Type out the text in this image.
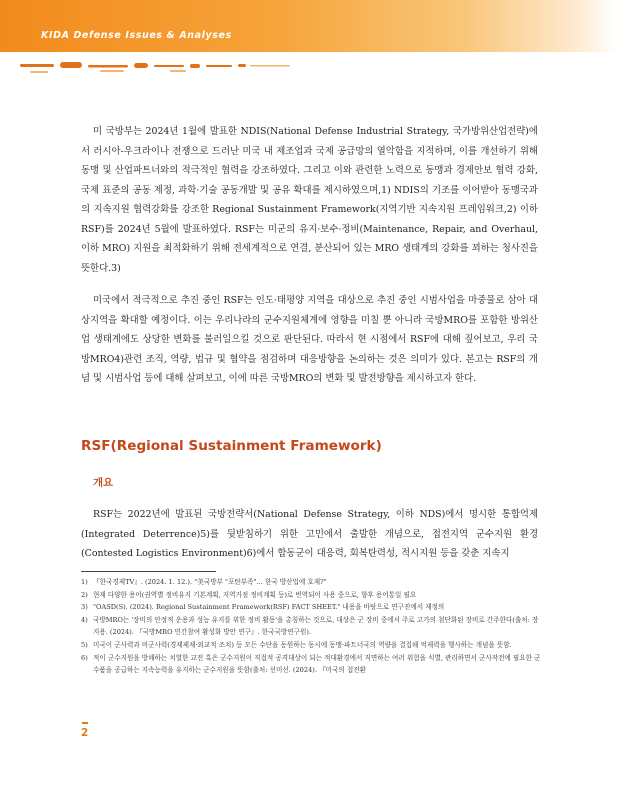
KIDA Defense Issues & Analyses

미 국방부는 2024년 1월에 발표한 NDIS(National Defense Industrial Strategy, 국가방위산업전략)에서 러시아-우크라이나 전쟁으로 드러난 미국 내 제조업과 국제 공급망의 열악함을 지적하며, 이를 개선하기 위해 동맹 및 산업파트너와의 적극적인 협력을 강조하였다. 그리고 이와 관련한 노력으로 동맹과 경제안보 협력 강화, 국제 표준의 공동 제정, 과학·기술 공동개발 및 공유 확대를 제시하였으며,1) NDIS의 기조를 이어받아 동맹국과의 지속지원 협력강화를 강조한 Regional Sustainment Framework(지역기반 지속지원 프레임워크,2) 이하 RSF)를 2024년 5월에 발표하였다. RSF는 미군의 유지·보수·정비(Maintenance, Repair, and Overhaul, 이하 MRO) 지원을 최적화하기 위해 전세계적으로 연결, 분산되어 있는 MRO 생태계의 강화를 꾀하는 청사진을 뜻한다.3)

미국에서 적극적으로 추진 중인 RSF는 인도·태평양 지역을 대상으로 추진 중인 시범사업을 마중물로 삼아 대상지역을 확대할 예정이다. 이는 우리나라의 군수지원체계에 영향을 미칠 뿐 아니라 국방MRO를 포함한 방위산업 생태계에도 상당한 변화를 불러일으킬 것으로 판단된다. 따라서 현 시점에서 RSF에 대해 짚어보고, 우리 국방MRO4)관련 조직, 역량, 법규 및 협약을 점검하며 대응방향을 논의하는 것은 의미가 있다. 본고는 RSF의 개념 및 시범사업 등에 대해 살펴보고, 이에 따른 국방MRO의 변화 및 발전방향을 제시하고자 한다.

RSF(Regional Sustainment Framework)
개요

RSF는 2022년에 발표된 국방전략서(National Defense Strategy, 이하 NDS)에서 명시한 통합억제(Integrated Deterrence)5)를 뒷받침하기 위한 고민에서 출발한 개념으로, 접전지역 군수지원 환경(Contested Logistics Environment)6)에서 합동군이 대응력, 회복탄력성, 적시지원 등을 갖춘 지속지

1) 『한국경제TV』. (2024. 1. 12.). "美국방부 "포탄부족"... 한국 방산업에 호재?"
2) 현재 다양한 용어(권역별 정비유지 기본계획, 지역거점 정비계획 등)로 번역되어 사용 중으로, 향후 용어통일 필요
3) "OASD(S). (2024). Regional Sustainment Framework(RSF) FACT SHEET." 내용을 바탕으로 연구진에서 재정의
4) 국방MRO는 '장비의 안정적 운용과 성능 유지를 위한 정비 활동'을 총칭하는 것으로, 대상은 군 장비 중에서 주로 고가의 첨단화된 장비로 간주한다(출처: 장지용. (2024). 『국방MRO 민간참여 활성화 방안 연구』. 한국국방연구원).
5) 미국이 군사력과 비군사력(경제제재·외교적 조치) 등 모든 수단을 동원하는 동시에 동맹·파트너국의 역량을 결집해 억제력을 행사하는 개념을 뜻함.
6) 적이 군수지원을 방해하는 치열한 교전 혹은 군수지원이 직접적 공격대상이 되는 적대환경에서 직면하는 여러 위험을 식별, 관리하면서 군사작전에 필요한 군수품을 공급하는 지속능력을 유지하는 군수지원을 뜻함(출처: 선미선. (2024). 『미국의 접전환
2
